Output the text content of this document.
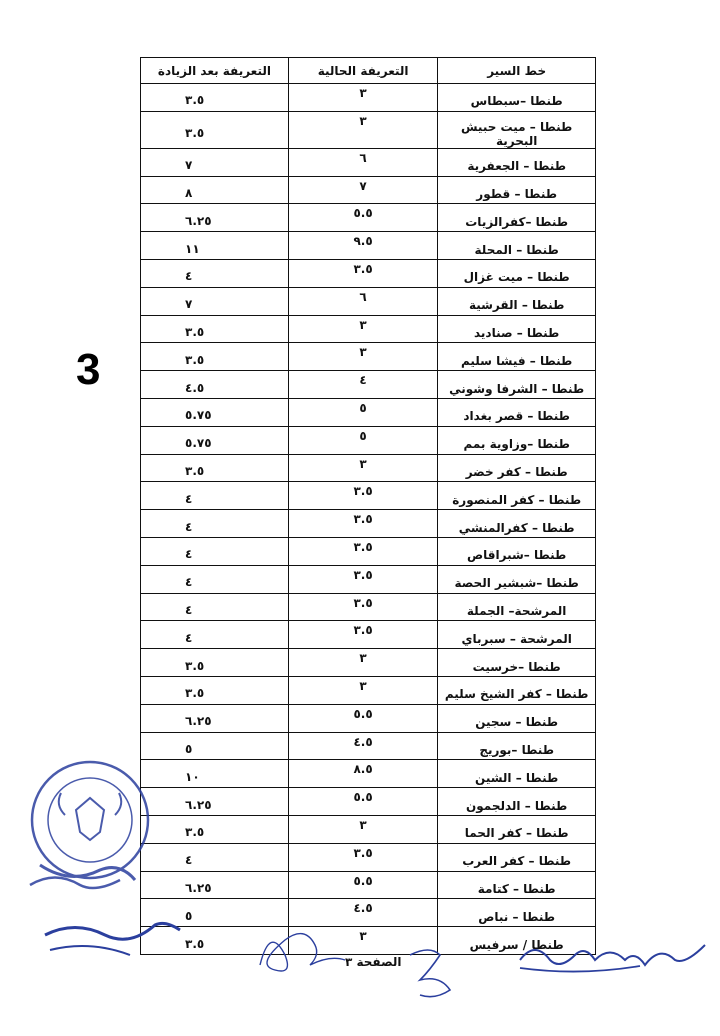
3
خط السير	التعريفة الحالية	التعريفة بعد الزيادة
طنطا –سبطاس	٣	٣.٥
طنطا – ميت حبيش البحرية	٣	٣.٥
طنطا – الجعفرية	٦	٧
طنطا – قطور	٧	٨
طنطا –كفرالزيات	٥.٥	٦.٢٥
طنطا – المحلة	٩.٥	١١
طنطا – ميت غزال	٣.٥	٤
طنطا – القرشية	٦	٧
طنطا – صناديد	٣	٣.٥
طنطا – فيشا سليم	٣	٣.٥
طنطا – الشرفا وشوني	٤	٤.٥
طنطا – قصر بغداد	٥	٥.٧٥
طنطا –وزاوية بمم	٥	٥.٧٥
طنطا – كفر خضر	٣	٣.٥
طنطا – كفر المنصورة	٣.٥	٤
طنطا – كفرالمنشي	٣.٥	٤
طنطا –شبراقاص	٣.٥	٤
طنطا –شبشير الحصة	٣.٥	٤
المرشحة– الجملة	٣.٥	٤
المرشحة – سبرباي	٣.٥	٤
طنطا –خرسيت	٣	٣.٥
طنطا – كفر الشيخ سليم	٣	٣.٥
طنطا – سجين	٥.٥	٦.٢٥
طنطا –بوريج	٤.٥	٥
طنطا – الشين	٨.٥	١٠
طنطا – الدلجمون	٥.٥	٦.٢٥
طنطا – كفر الحما	٣	٣.٥
طنطا – كفر العرب	٣.٥	٤
طنطا – كتامة	٥.٥	٦.٢٥
طنطا – نباص	٤.٥	٥
طنطا / سرفيس	٣	٣.٥
الصفحة ٣
